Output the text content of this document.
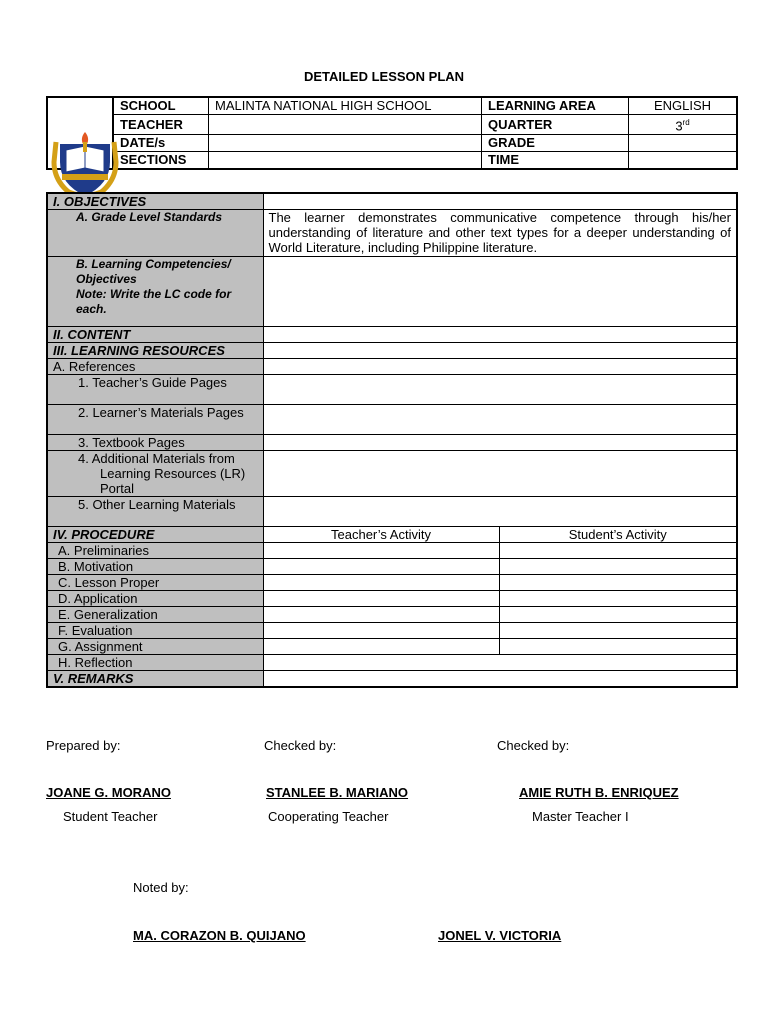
DETAILED LESSON PLAN
	SCHOOL	MALINTA NATIONAL HIGH SCHOOL	LEARNING AREA	ENGLISH
	TEACHER		QUARTER	3rd
	DATE/s		GRADE	
	SECTIONS		TIME	
I. OBJECTIVES		
A. Grade Level Standards	The learner demonstrates communicative competence through his/her understanding of literature and other text types for a deeper understanding of World Literature, including Philippine literature.	

B. Learning Competencies/ Objectives
Note: Write the LC code for each.		

II. CONTENT		
III. LEARNING RESOURCES		
A. References		
1. Teacher’s Guide Pages		
2. Learner’s Materials Pages		
3. Textbook Pages		
4. Additional Materials from Learning Resources (LR) Portal		
5. Other Learning Materials		
IV. PROCEDURE	Teacher’s Activity	Student’s Activity
A. Preliminaries		
B. Motivation		
C. Lesson Proper		
D. Application		
E. Generalization		
F. Evaluation		
G. Assignment		
H. Reflection		
V. REMARKS		
Prepared by:	Checked by:	Checked by:
JOANE G. MORANO	STANLEE B. MARIANO	AMIE RUTH B. ENRIQUEZ
Student Teacher	Cooperating Teacher	Master Teacher I
Noted by:
MA. CORAZON B. QUIJANO	JONEL V. VICTORIA
